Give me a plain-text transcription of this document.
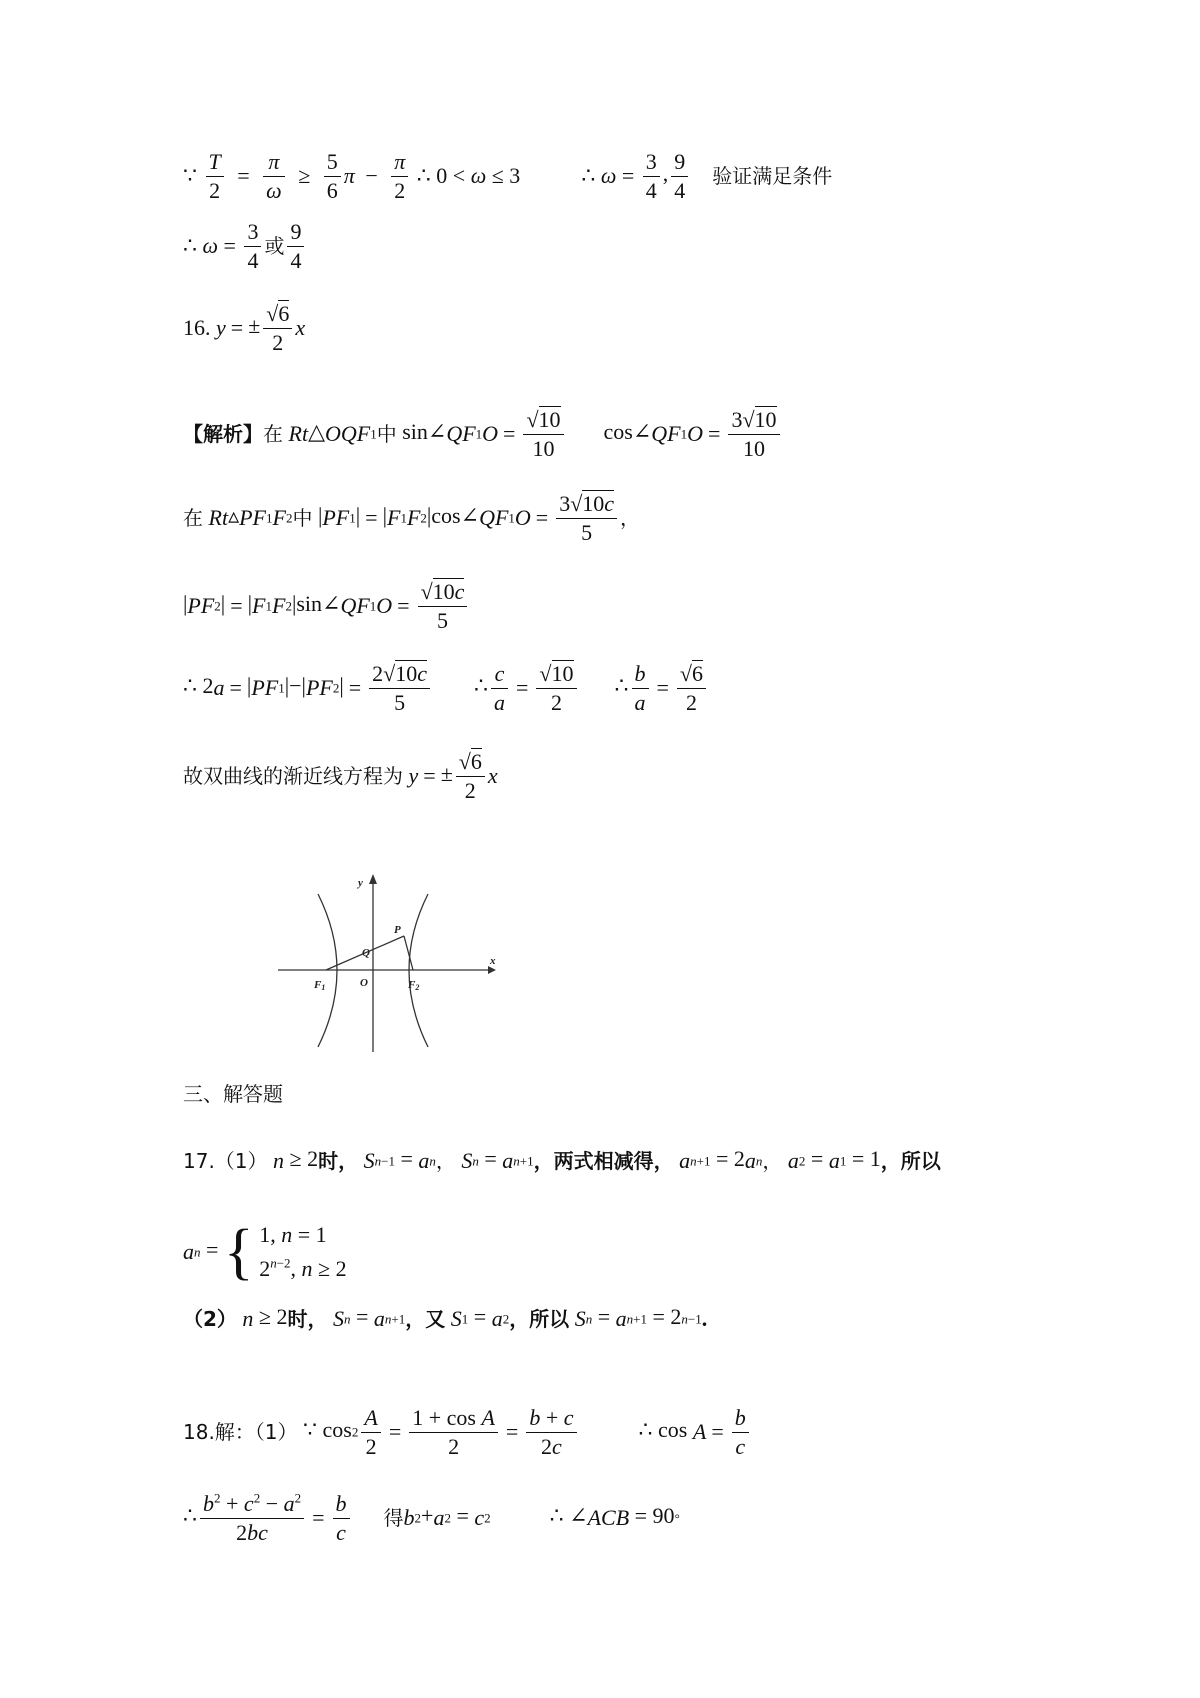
∵ $\frac{T}{2} = \frac{\pi}{\omega} \ge \frac{5}{6}$ $\pi - \frac{\pi}{2}$ ∴ 0 < ω ≤ 3	∴ $\omega = \frac{3}{4}$ , $\frac{9}{4}$ 验证满足条件
∴ $\omega = \frac{3}{4}$ 或 $\frac{9}{4}$
16. y = ± $\frac{√6}{2}$ x
【解析】在 Rt△OQF1中 sin∠QF1O = $\frac{√10}{10}$ cos∠QF1O = $\frac{3√10}{10}$
在 Rt▵PF1F2中 |PF1| = |F1F2|cos∠QF1O = $\frac{3√10c}{5}$ ，
|PF2| = |F1F2|sin∠QF1O = $\frac{√10c}{5}$
∴ $2a = |PF1|-|PF2| = \frac{2√10c}{5}$ ∴ $\frac{c}{a} = \frac{√10}{2}$ ∴ $\frac{b}{a} = \frac{√6}{2}$
故双曲线的渐近线方程为 y = ± $\frac{√6}{2}$ x
y
x
P
Q
O
F1	F2
三、解答题
17.（1） n ≥ 2时， Sn−1 = an， Sn = an+1，两式相减得， an+1 = 2an， a2 = a1 = 1，所以
an = { 1, n = 1
$2^{n-2}$, n ≥ 2
（2） n ≥ 2时， Sn = an+1，又 S1 = a2，所以 Sn = an+1 = 2n−1.
18.解：（1） ∵ $\cos 2 \frac{A}{2} = \frac{\text{1 + cos A}}{2} = \frac{b + c}{2c}$	∴ $\cos A = \frac{b}{c}$
∴ $\frac{b^2 + c^2 - a^2}{2bc} = \frac{b}{c}$ 得b2+a2 = c2  ∴ ∠ACB = 90°
